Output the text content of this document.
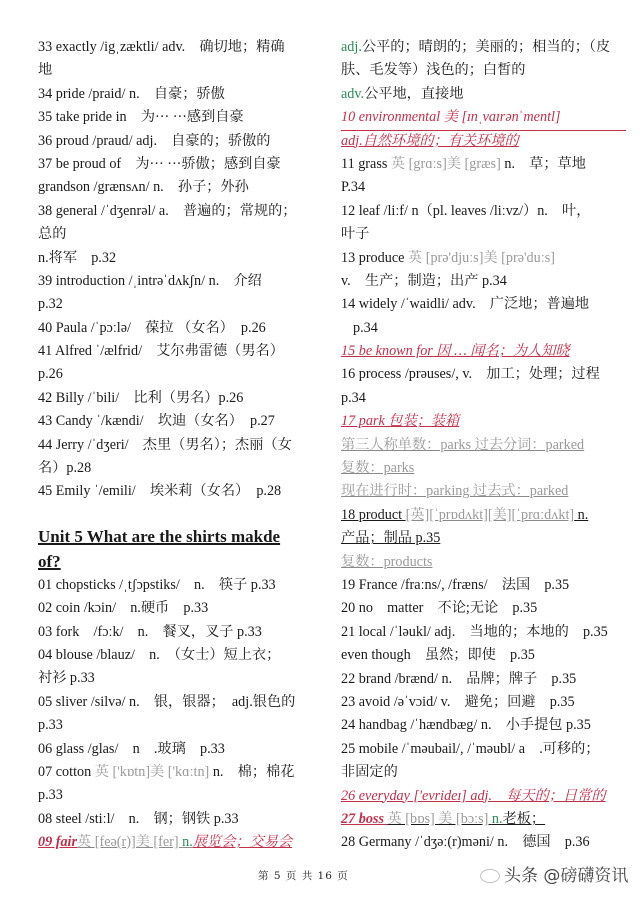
33 exactly /igˌzæktli/ adv.　确切地；精确
地
34 pride /praid/ n.　自豪；骄傲
35 take pride in　为··· ···感到自豪
36 proud /praud/ adj.　自豪的；骄傲的
37 be proud of　为··· ···骄傲；感到自豪
grandson /grænsʌn/ n.　孙子；外孙
38 general /ˈdʒenrəl/ a.　普遍的；常规的；
总的
n.将军　p.32
39 introduction /ˌintrəˈdʌkʃn/ n.　介绍
p.32
40 Paula /ˈpɔːlə/　葆拉 （女名）　p.26
41 Alfred ˈ/ælfrid/　艾尔弗雷德（男名）
p.26
42 Billy /ˈbili/　比利（男名）p.26
43 Candy ˈ/kændi/　坎迪（女名）　p.27
44 Jerry /ˈdʒeri/　杰里（男名）；杰丽（女
名）p.28
45 Emily ˈ/emili/　埃米莉（女名）　p.28
Unit 5 What are the shirts makde
of?
01 chopsticks /ˌtʃɔpstiks/　n.　筷子 p.33
02 coin /kɔin/　n.硬币　p.33
03 fork　/fɔːk/　n.　餐叉，叉子 p.33
04 blouse /blauz/　n.　（女士）短上衣；
衬衫 p.33
05 sliver /silvə/ n.　银，银器；　adj.银色的
p.33
06 glass /glas/　n　.玻璃　p.33
07 cotton 英 ['kɒtn]美 ['kɑːtn] n.　棉；棉花
p.33
08 steel /stiːl/　n.　钢；钢铁 p.33
09 fair英 [feə(r)]美 [fer] n.展览会；交易会
adj.公平的；晴朗的；美丽的；相当的；（皮
肤、毛发等）浅色的；白皙的
adv.公平地，直接地
10 environmental 美 [ɪnˌvaɪrənˈmentl]
adj.自然环境的；有关环境的
11 grass 英 [grɑːs]美 [græs] n.　草；草地
P.34
12 leaf /liːf/ n（pl. leaves /liːvz/）n.　叶，
叶子
13 produce 英 [prə'djuːs]美 [prə'duːs]
v.　生产；制造；出产 p.34
14 widely /ˈwaidli/ adv.　广泛地；普遍地
p.34
15 be known for 因 … 闻名；为人知晓
16 process /prəuses/, v.　加工；处理；过程
p.34
17 park 包装；装箱
第三人称单数：parks 过去分词：parked
复数：parks
现在进行时：parking 过去式：parked
18 product [英][ˈprɒdʌkt][美][ˈprɑːdʌkt] n.
产品；制品 p.35
复数：products
19 France /fraːns/, /fræns/　法国　p.35
20 no　matter　不论;无论　p.35
21 local /ˈləukl/ adj.　当地的；本地的　p.35
even though　虽然；即使　p.35
22 brand /brænd/ n.　品牌；牌子　p.35
23 avoid /əˈvɔid/ v.　避免；回避　p.35
24 handbag /ˈhændbæg/ n.　小手提包 p.35
25 mobile /ˈməubail/, /ˈməubl/ a　.可移的；
非固定的
26 everyday ['evrideɪ] adj.　每天的；日常的
27 boss 英 [bɒs] 美 [bɔːs] n.老板；
28 Germany /ˈdʒəː(r)məni/ n.　德国　p.36
第 5 页 共 16 页	头条 @磅礴资讯
